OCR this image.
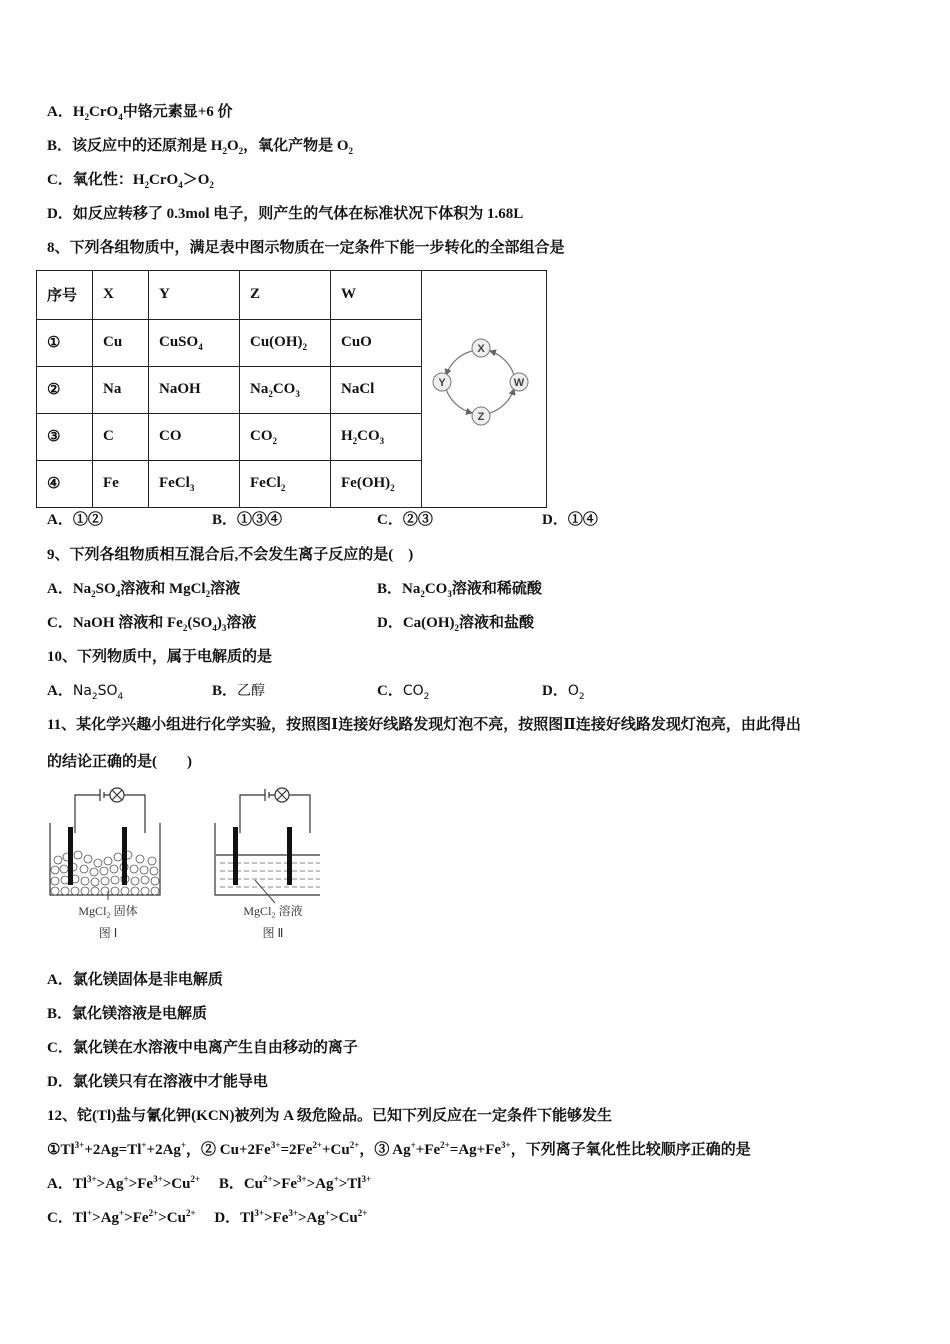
A．$H_2CrO_4$中铬元素显+6 价
B．该反应中的还原剂是 $H_2O_2$，氧化产物是 $O_2$
C．氧化性：$H_2CrO_4>O_2$
D．如反应转移了 0.3mol 电子，则产生的气体在标准状况下体积为 1.68L
8、下列各组物质中，满足表中图示物质在一定条件下能一步转化的全部组合是
序号	X	Y	Z	W	X
Y W
Z

①	Cu	CuSO$_4$	$Cu(OH)_2$	CuO	
②	Na	NaOH	$Na_2CO_3$	NaCl	
③	C	CO	$CO_2$	$H_2CO_3$
④	Fe	FeCl$_3$	FeCl$_2$	$Fe(OH)_2$
A．①②	B．①③④	C．②③	D．①④
9、下列各组物质相互混合后,不会发生离子反应的是(　)
A．$Na_2SO_4$溶液和 MgCl$_2$溶液	B．$Na_2CO_3$溶液和稀硫酸
C．NaOH 溶液和 $Fe_2(SO_4)_3$溶液	D．$Ca(OH)_2$溶液和盐酸
10、下列物质中，属于电解质的是
A．$Na_2SO_4$	B．乙醇	C．$CO_2$	D．$O_2$
11、某化学兴趣小组进行化学实验，按照图Ⅰ连接好线路发现灯泡不亮，按照图Ⅱ连接好线路发现灯泡亮，由此得出
的结论正确的是(　　)
MgCl₂ 固体
图 Ⅰ
MgCl₂ 溶液
图 Ⅱ
A．氯化镁固体是非电解质
B．氯化镁溶液是电解质
C．氯化镁在水溶液中电离产生自由移动的离子
D．氯化镁只有在溶液中才能导电
12、铊(Tl)盐与氰化钾(KCN)被列为 A 级危险品。已知下列反应在一定条件下能够发生
$①Tl^{3+}+2Ag=Tl^++2Ag^+$，② $Cu+2Fe^{3+}=2Fe^{2+}+Cu^{2+}$，③ $Ag^++Fe^{2+}=Ag+Fe^{3+}$，下列离子氧化性比较顺序正确的是
A．$Tl^{3+}>Ag^+>Fe^{3+}>Cu^{2+}$　 B．$Cu^{2+}>Fe^{3+}>Ag^+>Tl^{3+}$
C．$Tl^+>Ag^+>Fe^{2+}>Cu^{2+}$　 D．$Tl^{3+}>Fe^{3+}>Ag^+>Cu^{2+}$
